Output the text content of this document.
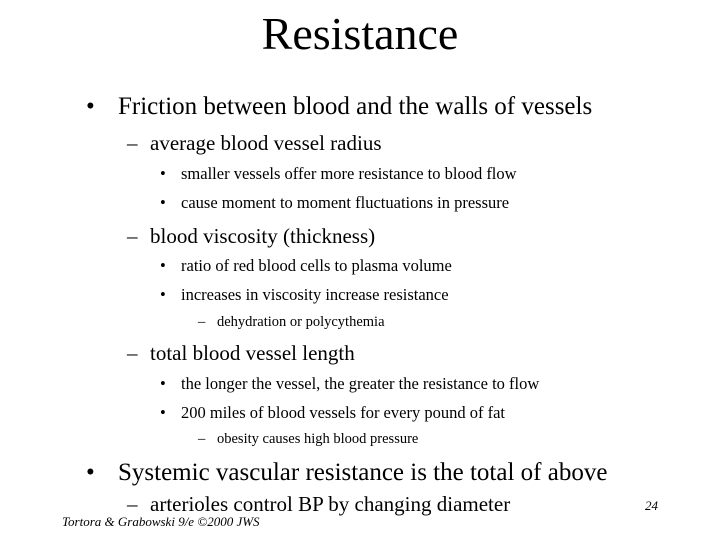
Resistance
• Friction between blood and the walls of vessels
– average blood vessel radius
• smaller vessels offer more resistance to blood flow
• cause moment to moment fluctuations in pressure
– blood viscosity (thickness)
• ratio of red blood cells to plasma volume
• increases in viscosity increase resistance
– dehydration or polycythemia
– total blood vessel length
• the longer the vessel, the greater the resistance to flow
• 200 miles of blood vessels for every pound of fat
– obesity causes high blood pressure
• Systemic vascular resistance is the total of above
– arterioles control BP by changing diameter
Tortora & Grabowski 9/e ©2000 JWS
24
